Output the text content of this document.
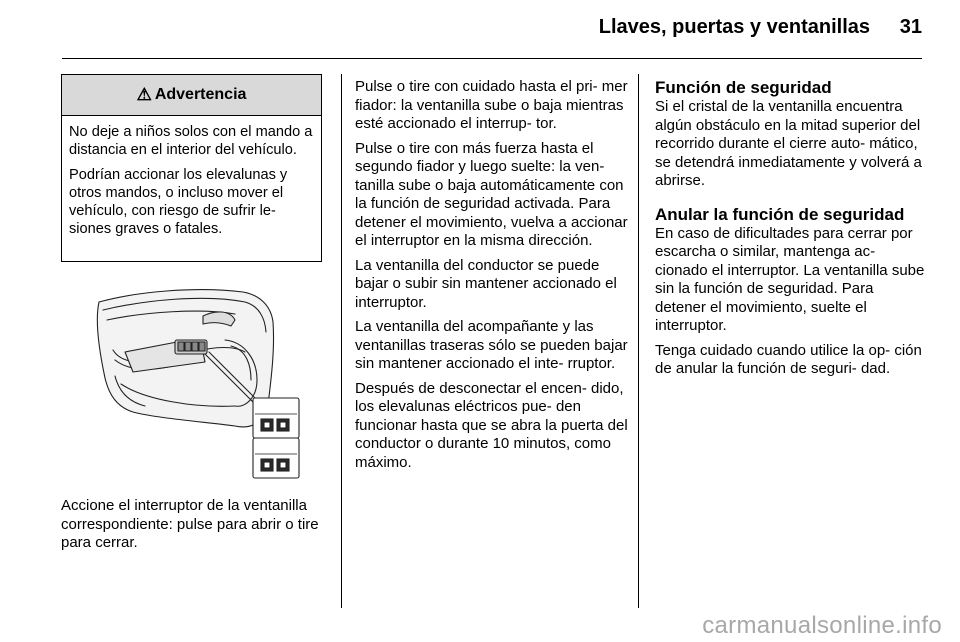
Llaves, puertas y ventanillas 31
⚠ Advertencia

No deje a niños solos con el mando a distancia en el interior del vehículo.

Podrían accionar los elevalunas y otros mandos, o incluso mover el vehículo, con riesgo de sufrir le- siones graves o fatales.

Accione el interruptor de la ventanilla correspondiente: pulse para abrir o tire para cerrar.

Pulse o tire con cuidado hasta el pri- mer fiador: la ventanilla sube o baja mientras esté accionado el interrup- tor.

Pulse o tire con más fuerza hasta el segundo fiador y luego suelte: la ven- tanilla sube o baja automáticamente con la función de seguridad activada. Para detener el movimiento, vuelva a accionar el interruptor en la misma dirección.

La ventanilla del conductor se puede bajar o subir sin mantener accionado el interruptor.

La ventanilla del acompañante y las ventanillas traseras sólo se pueden bajar sin mantener accionado el inte- rruptor.

Después de desconectar el encen- dido, los elevalunas eléctricos pue- den funcionar hasta que se abra la puerta del conductor o durante 10 minutos, como máximo.

Función de seguridad

Si el cristal de la ventanilla encuentra algún obstáculo en la mitad superior del recorrido durante el cierre auto- mático, se detendrá inmediatamente y volverá a abrirse.

Anular la función de seguridad

En caso de dificultades para cerrar por escarcha o similar, mantenga ac- cionado el interruptor. La ventanilla sube sin la función de seguridad. Para detener el movimiento, suelte el interruptor.

Tenga cuidado cuando utilice la op- ción de anular la función de seguri- dad.

carmanualsonline.info
